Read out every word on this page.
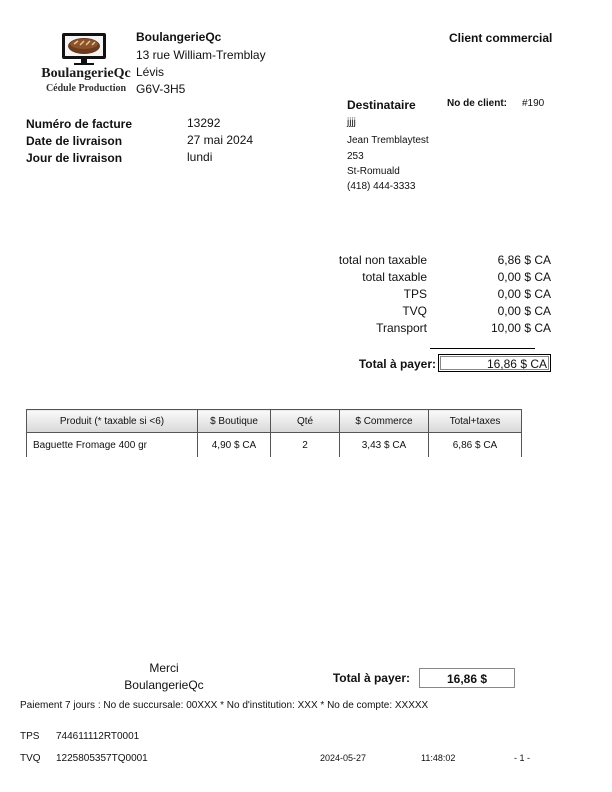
BoulangerieQc
Cédule Production
BoulangerieQc
13 rue William-Tremblay
Lévis
G6V-3H5
Client commercial
Destinataire	No de client: #190
jjjj
Jean Tremblaytest
253
St-Romuald
(418) 444-3333
Numéro de facture	13292
Date de livraison	27 mai 2024
Jour de livraison	lundi
total non taxable	6,86 $ CA
total taxable	0,00 $ CA
TPS	0,00 $ CA
TVQ	0,00 $ CA
Transport	10,00 $ CA
Total à payer:	16,86 $ CA
Produit (* taxable si <6)	$ Boutique	Qté	$ Commerce	Total+taxes
Baguette Fromage 400 gr	4,90 $ CA	2	3,43 $ CA	6,86 $ CA
Merci
BoulangerieQc	Total à payer:	16,86 $
Paiement 7 jours : No de succursale: 00XXX * No d'institution: XXX * No de compte: XXXXX
TPS 744611112RT0001
TVQ 1225805357TQ0001	2024-05-27	11:48:02	- 1 -
